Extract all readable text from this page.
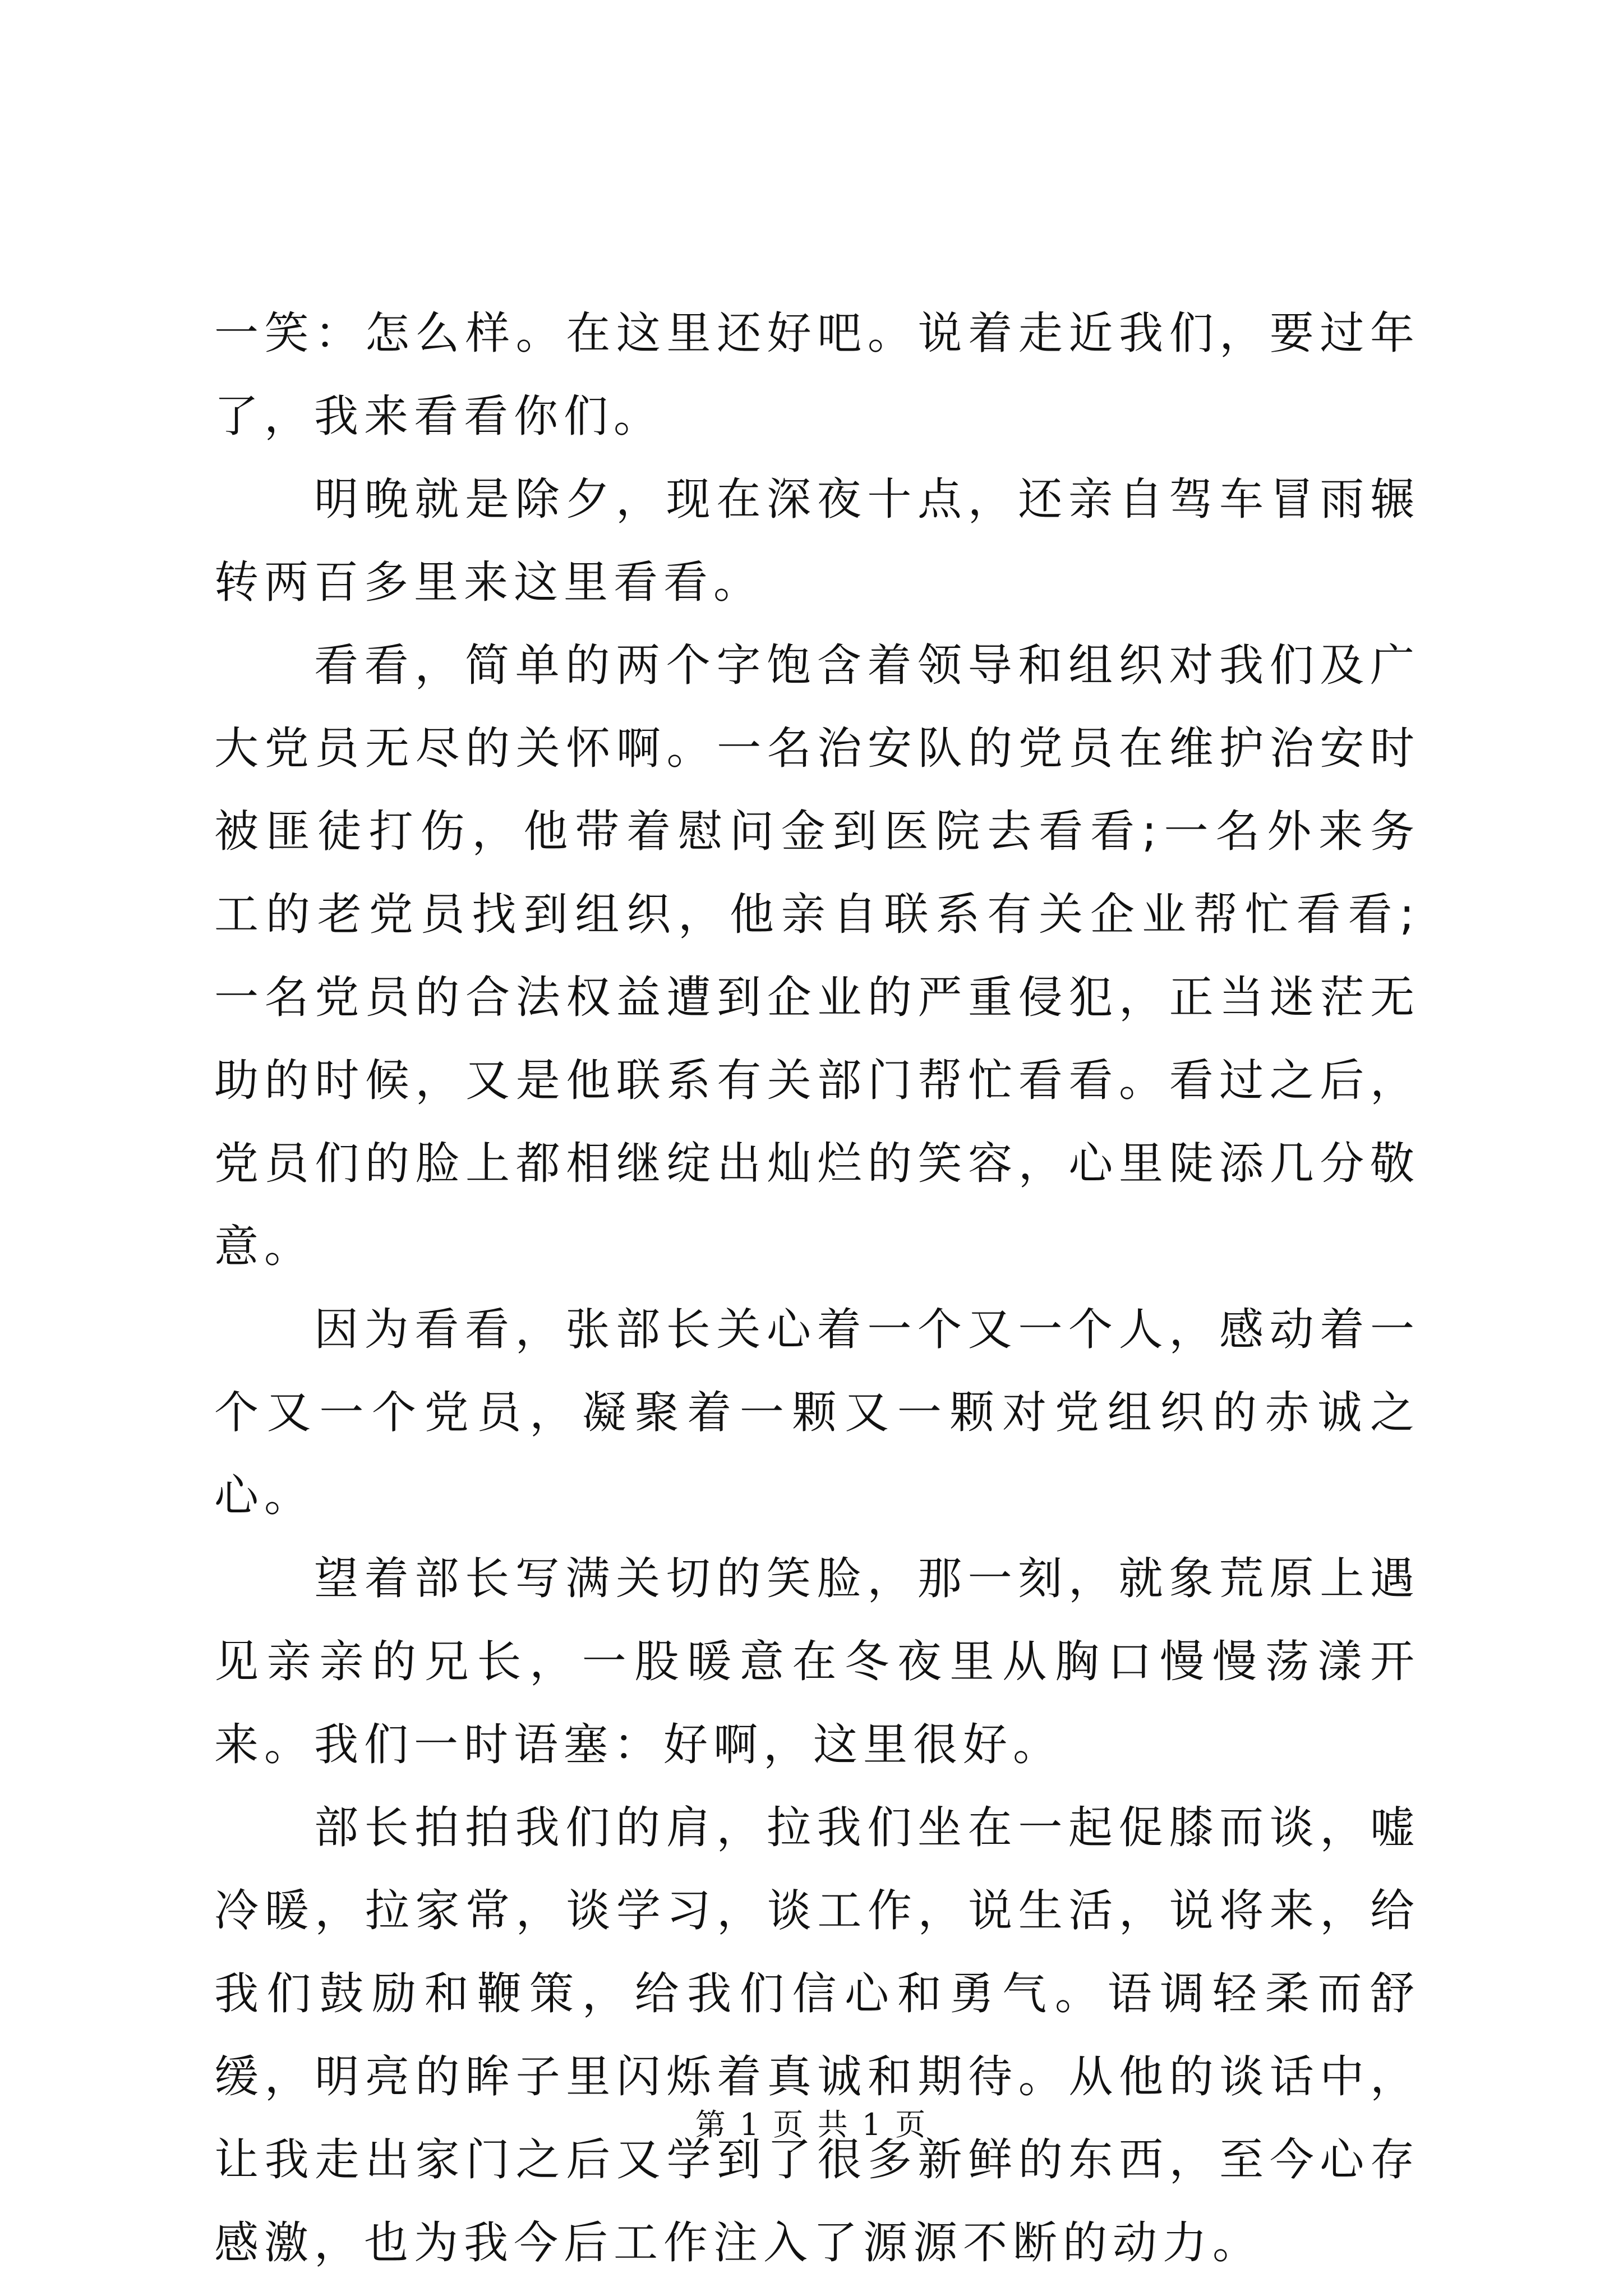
一笑：怎么样。在这里还好吧。说着走近我们，要过年了，我来看看你们。

明晚就是除夕，现在深夜十点，还亲自驾车冒雨辗转两百多里来这里看看。

看看，简单的两个字饱含着领导和组织对我们及广大党员无尽的关怀啊。一名治安队的党员在维护治安时被匪徒打伤，他带着慰问金到医院去看看;一名外来务工的老党员找到组织，他亲自联系有关企业帮忙看看;一名党员的合法权益遭到企业的严重侵犯，正当迷茫无助的时候，又是他联系有关部门帮忙看看。看过之后，党员们的脸上都相继绽出灿烂的笑容，心里陡添几分敬意。

因为看看，张部长关心着一个又一个人，感动着一个又一个党员，凝聚着一颗又一颗对党组织的赤诚之心。

望着部长写满关切的笑脸，那一刻，就象荒原上遇见亲亲的兄长，一股暖意在冬夜里从胸口慢慢荡漾开来。我们一时语塞：好啊，这里很好。

部长拍拍我们的肩，拉我们坐在一起促膝而谈，嘘冷暖，拉家常，谈学习，谈工作，说生活，说将来，给我们鼓励和鞭策，给我们信心和勇气。语调轻柔而舒缓，明亮的眸子里闪烁着真诚和期待。从他的谈话中，让我走出家门之后又学到了很多新鲜的东西，至今心存感激，也为我今后工作注入了源源不断的动力。

第 1 页 共 1 页
